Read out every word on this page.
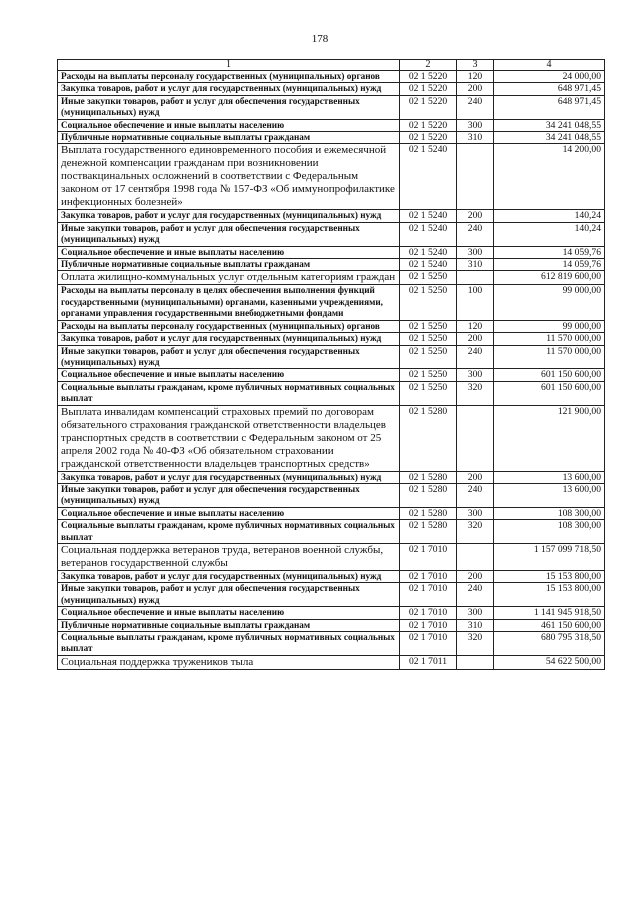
178
1	2	3	4
Расходы на выплаты персоналу государственных (муниципальных) органов	02 1 5220	120	24 000,00
Закупка товаров, работ и услуг для государственных (муниципальных) нужд	02 1 5220	200	648 971,45
Иные закупки товаров, работ и услуг для обеспечения государственных (муниципальных) нужд	02 1 5220	240	648 971,45
Социальное обеспечение и иные выплаты населению	02 1 5220	300	34 241 048,55
Публичные нормативные социальные выплаты гражданам	02 1 5220	310	34 241 048,55
Выплата государственного единовременного пособия и ежемесячной денежной компенсации гражданам при возникновении поствакцинальных осложнений в соответствии с Федеральным законом от 17 сентября 1998 года № 157-ФЗ «Об иммунопрофилактике инфекционных болезней»	02 1 5240		14 200,00
Закупка товаров, работ и услуг для государственных (муниципальных) нужд	02 1 5240	200	140,24
Иные закупки товаров, работ и услуг для обеспечения государственных (муниципальных) нужд	02 1 5240	240	140,24
Социальное обеспечение и иные выплаты населению	02 1 5240	300	14 059,76
Публичные нормативные социальные выплаты гражданам	02 1 5240	310	14 059,76
Оплата жилищно-коммунальных услуг отдельным категориям граждан	02 1 5250		612 819 600,00
Расходы на выплаты персоналу в целях обеспечения выполнения функций государственными (муниципальными) органами, казенными учреждениями, органами управления государственными внебюджетными фондами	02 1 5250	100	99 000,00
Расходы на выплаты персоналу государственных (муниципальных) органов	02 1 5250	120	99 000,00
Закупка товаров, работ и услуг для государственных (муниципальных) нужд	02 1 5250	200	11 570 000,00
Иные закупки товаров, работ и услуг для обеспечения государственных (муниципальных) нужд	02 1 5250	240	11 570 000,00
Социальное обеспечение и иные выплаты населению	02 1 5250	300	601 150 600,00
Социальные выплаты гражданам, кроме публичных нормативных социальных выплат	02 1 5250	320	601 150 600,00
Выплата инвалидам компенсаций страховых премий по договорам обязательного страхования гражданской ответственности владельцев транспортных средств в соответствии с Федеральным законом от 25 апреля 2002 года № 40-ФЗ «Об обязательном страховании гражданской ответственности владельцев транспортных средств»	02 1 5280		121 900,00
Закупка товаров, работ и услуг для государственных (муниципальных) нужд	02 1 5280	200	13 600,00
Иные закупки товаров, работ и услуг для обеспечения государственных (муниципальных) нужд	02 1 5280	240	13 600,00
Социальное обеспечение и иные выплаты населению	02 1 5280	300	108 300,00
Социальные выплаты гражданам, кроме публичных нормативных социальных выплат	02 1 5280	320	108 300,00
Социальная поддержка ветеранов труда, ветеранов военной службы, ветеранов государственной службы	02 1 7010		1 157 099 718,50
Закупка товаров, работ и услуг для государственных (муниципальных) нужд	02 1 7010	200	15 153 800,00
Иные закупки товаров, работ и услуг для обеспечения государственных (муниципальных) нужд	02 1 7010	240	15 153 800,00
Социальное обеспечение и иные выплаты населению	02 1 7010	300	1 141 945 918,50
Публичные нормативные социальные выплаты гражданам	02 1 7010	310	461 150 600,00
Социальные выплаты гражданам, кроме публичных нормативных социальных выплат	02 1 7010	320	680 795 318,50
Социальная поддержка тружеников тыла	02 1 7011		54 622 500,00
